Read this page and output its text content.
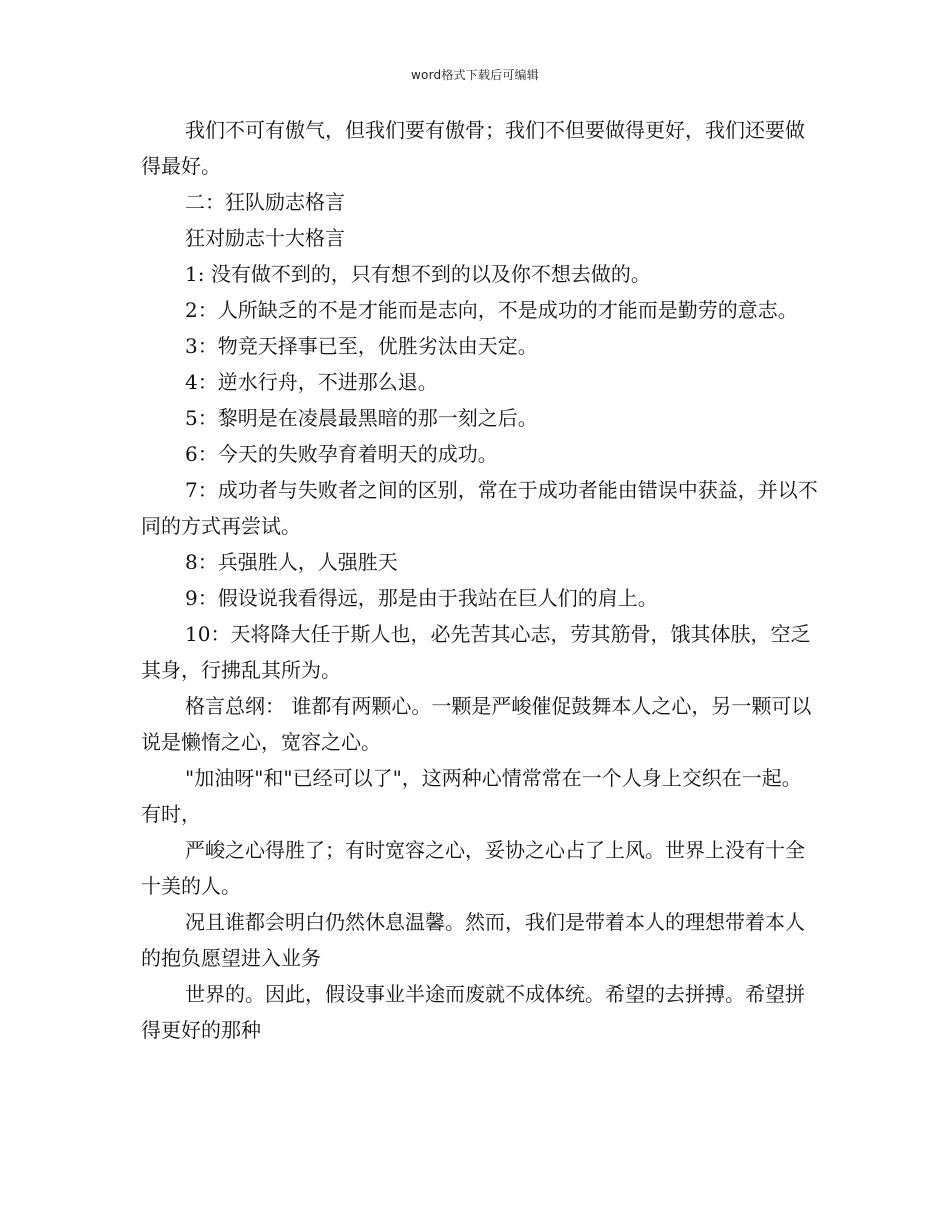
word格式下载后可编辑

我们不可有傲气，但我们要有傲骨；我们不但要做得更好，我们还要做得最好。

二：狂队励志格言

狂对励志十大格言

1: 没有做不到的，只有想不到的以及你不想去做的。

2：人所缺乏的不是才能而是志向，不是成功的才能而是勤劳的意志。

3：物竞天择事已至，优胜劣汰由天定。

4：逆水行舟，不进那么退。

5：黎明是在凌晨最黑暗的那一刻之后。

6：今天的失败孕育着明天的成功。

7：成功者与失败者之间的区别，常在于成功者能由错误中获益，并以不同的方式再尝试。

8：兵强胜人，人强胜天

9：假设说我看得远，那是由于我站在巨人们的肩上。

10：天将降大任于斯人也，必先苦其心志，劳其筋骨，饿其体肤，空乏其身，行拂乱其所为。

格言总纲： 谁都有两颗心。一颗是严峻催促鼓舞本人之心，另一颗可以说是懒惰之心，宽容之心。

"加油呀"和"已经可以了"，这两种心情常常在一个人身上交织在一起。有时，

严峻之心得胜了；有时宽容之心，妥协之心占了上风。世界上没有十全十美的人。

况且谁都会明白仍然休息温馨。然而，我们是带着本人的理想带着本人的抱负愿望进入业务

世界的。因此，假设事业半途而废就不成体统。希望的去拼搏。希望拼得更好的那种
